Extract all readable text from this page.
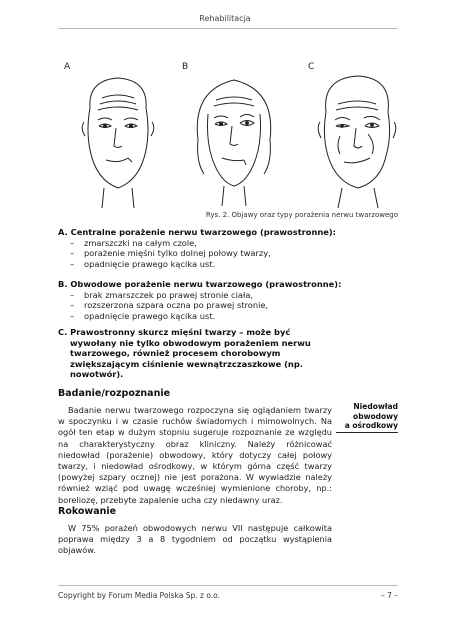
Rehabilitacja
A	B	C
Rys. 2. Objawy oraz typy porażenia nerwu twarzowego
A. Centralne porażenie nerwu twarzowego (prawostronne):
– zmarszczki na całym czole,
– porażenie mięśni tylko dolnej połowy twarzy,
– opadnięcie prawego kącika ust.
B. Obwodowe porażenie nerwu twarzowego (prawostronne):
– brak zmarszczek po prawej stronie ciała,
– rozszerzona szpara oczna po prawej stronie,
– opadnięcie prawego kącika ust.
C. Prawostronny skurcz mięśni twarzy – może być wywołany nie tylko obwodowym porażeniem nerwu twarzowego, również procesem chorobowym zwiększającym ciśnienie wewnątrzczaszkowe (np. nowotwór).
Badanie/rozpoznanie

Badanie nerwu twarzowego rozpoczyna się oglądaniem twarzy w spoczynku i w czasie ruchów świadomych i mimowolnych. Na ogół ten etap w dużym stopniu sugeruje rozpoznanie ze względu na charakterystyczny obraz kliniczny. Należy różnicować niedowład (porażenie) obwodowy, który dotyczy całej połowy twarzy, i niedowład ośrodkowy, w którym górna część twarzy (powyżej szpary ocznej) nie jest porażona. W wywiadzie należy również wziąć pod uwagę wcześniej wymienione choroby, np.: boreliozę, przebyte zapalenie ucha czy niedawny uraz.

Niedowład
obwodowy
a ośrodkowy
Rokowanie

W 75% porażeń obwodowych nerwu VII następuje całkowita poprawa między 3 a 8 tygodniem od początku wystąpienia objawów.

Copyright by Forum Media Polska Sp. z o.o.	– 7 –
